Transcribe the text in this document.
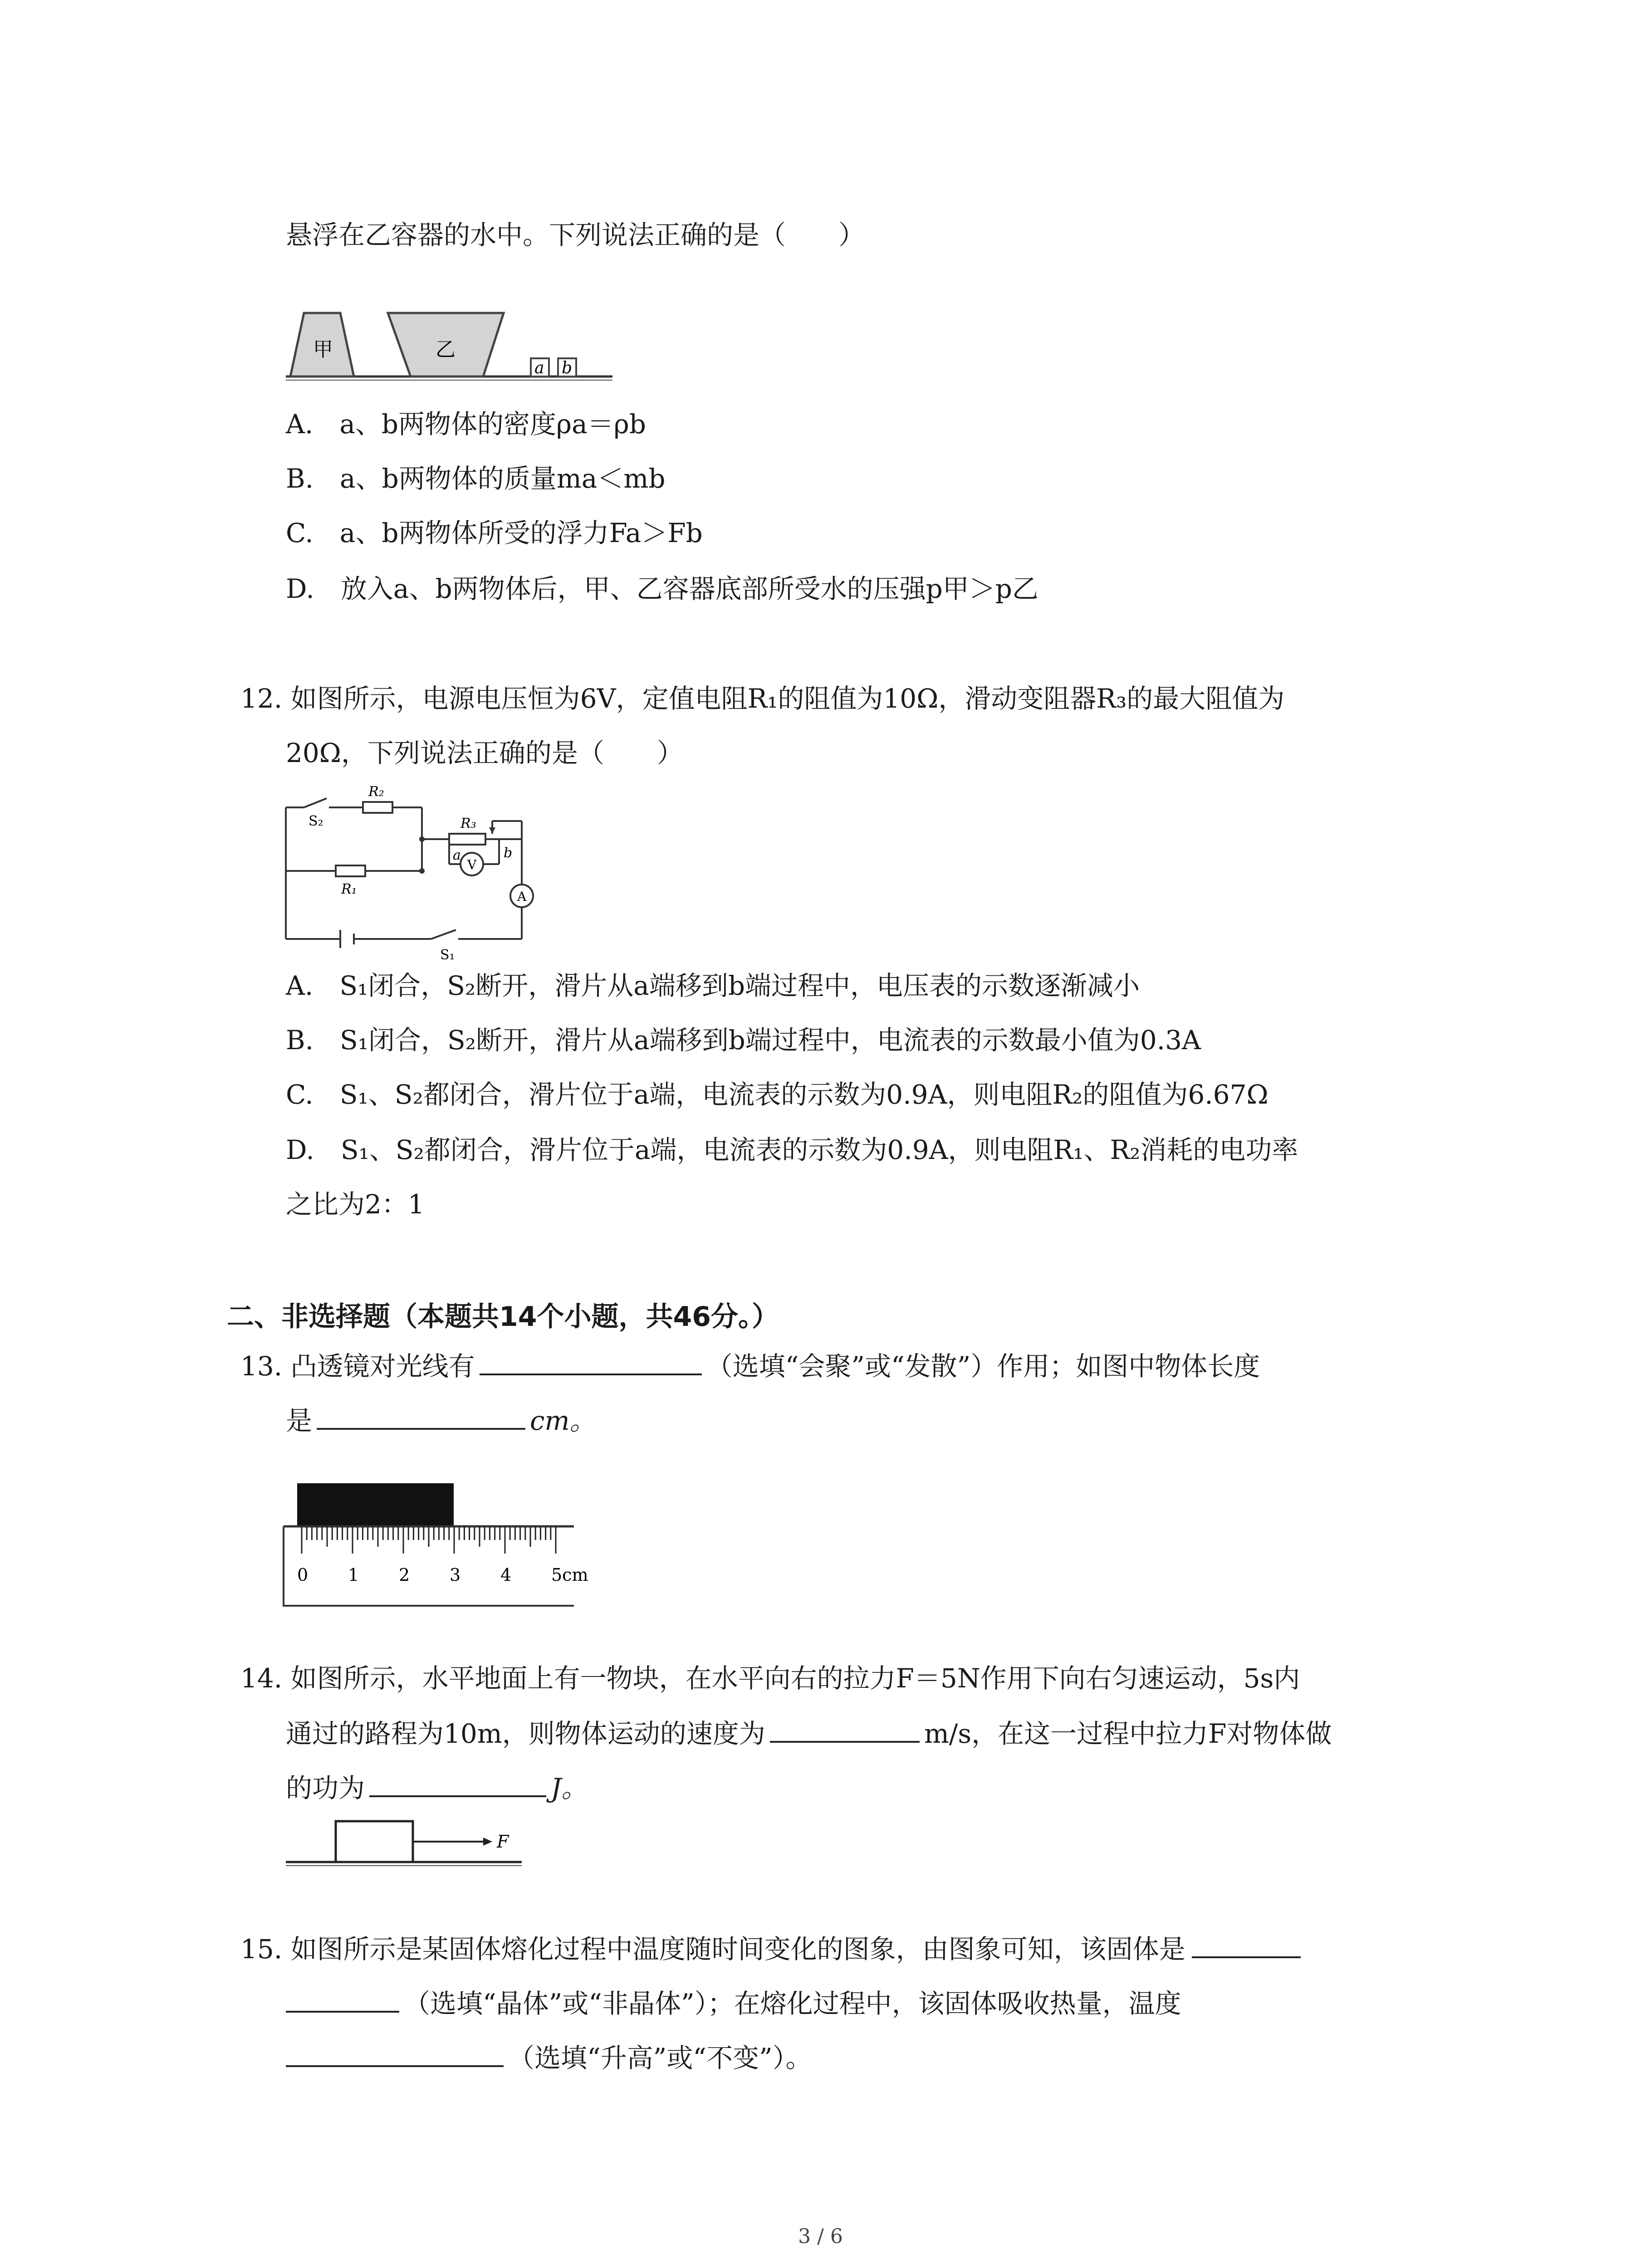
悬浮在乙容器的水中。下列说法正确的是（　　）
甲	乙
a b
A.　a、b两物体的密度ρa＝ρb
B.　a、b两物体的质量ma＜mb
C.　a、b两物体所受的浮力Fa＞Fb
D.　放入a、b两物体后，甲、乙容器底部所受水的压强p甲＞p乙
12. 如图所示，电源电压恒为6V，定值电阻R₁的阻值为10Ω，滑动变阻器R₃的最大阻值为
20Ω，下列说法正确的是（　　）
R₂
S₂
R₁
R₃
a	b
V
A
S₁
A.　S₁闭合，S₂断开，滑片从a端移到b端过程中，电压表的示数逐渐减小
B.　S₁闭合，S₂断开，滑片从a端移到b端过程中，电流表的示数最小值为0.3A
C.　S₁、S₂都闭合，滑片位于a端，电流表的示数为0.9A，则电阻R₂的阻值为6.67Ω
D.　S₁、S₂都闭合，滑片位于a端，电流表的示数为0.9A，则电阻R₁、R₂消耗的电功率
之比为2：1
二、非选择题（本题共14个小题，共46分。）
13. 凸透镜对光线有	（选填“会聚”或“发散”）作用；如图中物体长度
是	cm。
0 1 2 3 4 5cm
14. 如图所示，水平地面上有一物块，在水平向右的拉力F＝5N作用下向右匀速运动，5s内
通过的路程为10m，则物体运动的速度为	m/s，在这一过程中拉力F对物体做
的功为	J。
F
15. 如图所示是某固体熔化过程中温度随时间变化的图象，由图象可知，该固体是
（选填“晶体”或“非晶体”）；在熔化过程中，该固体吸收热量，温度
（选填“升高”或“不变”）。
3 / 6
